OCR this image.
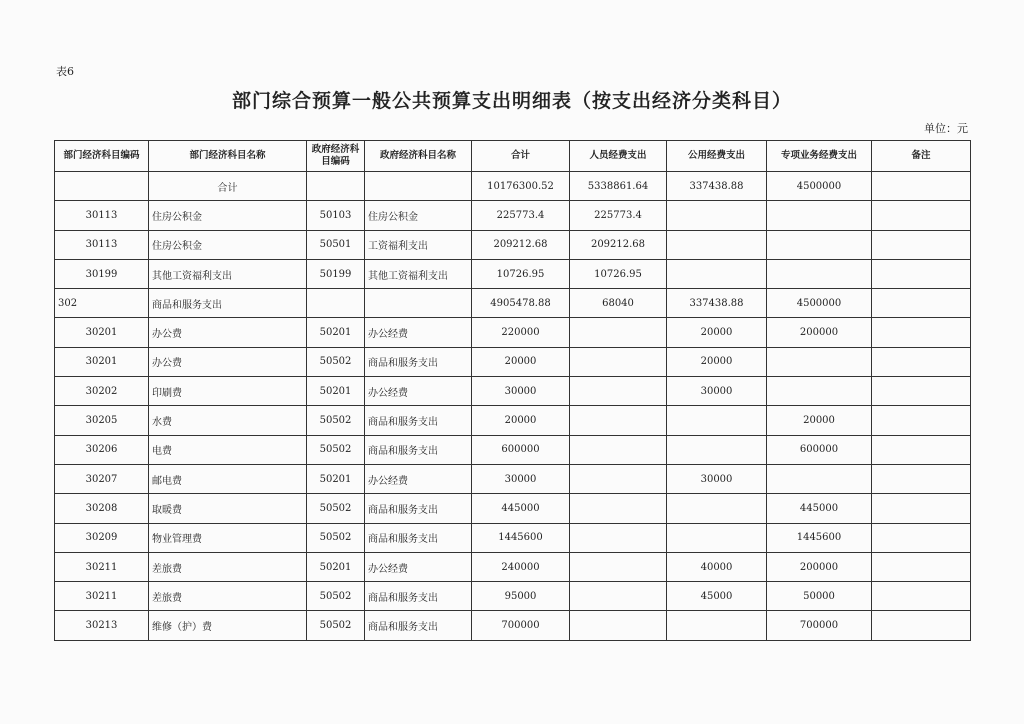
表6
部门综合预算一般公共预算支出明细表（按支出经济分类科目）
单位：元
部门经济科目编码	部门经济科目名称	政府经济科目编码	政府经济科目名称	合计	人员经费支出	公用经费支出	专项业务经费支出	备注
	合计			10176300.52	5338861.64	337438.88	4500000	
30113	住房公积金	50103	住房公积金	225773.4	225773.4			
30113	住房公积金	50501	工资福利支出	209212.68	209212.68			
30199	其他工资福利支出	50199	其他工资福利支出	10726.95	10726.95			
302	商品和服务支出			4905478.88	68040	337438.88	4500000	
30201	办公费	50201	办公经费	220000		20000	200000	
30201	办公费	50502	商品和服务支出	20000		20000		
30202	印刷费	50201	办公经费	30000		30000		
30205	水费	50502	商品和服务支出	20000			20000	
30206	电费	50502	商品和服务支出	600000			600000	
30207	邮电费	50201	办公经费	30000		30000		
30208	取暖费	50502	商品和服务支出	445000			445000	
30209	物业管理费	50502	商品和服务支出	1445600			1445600	
30211	差旅费	50201	办公经费	240000		40000	200000	
30211	差旅费	50502	商品和服务支出	95000		45000	50000	
30213	维修（护）费	50502	商品和服务支出	700000			700000	
